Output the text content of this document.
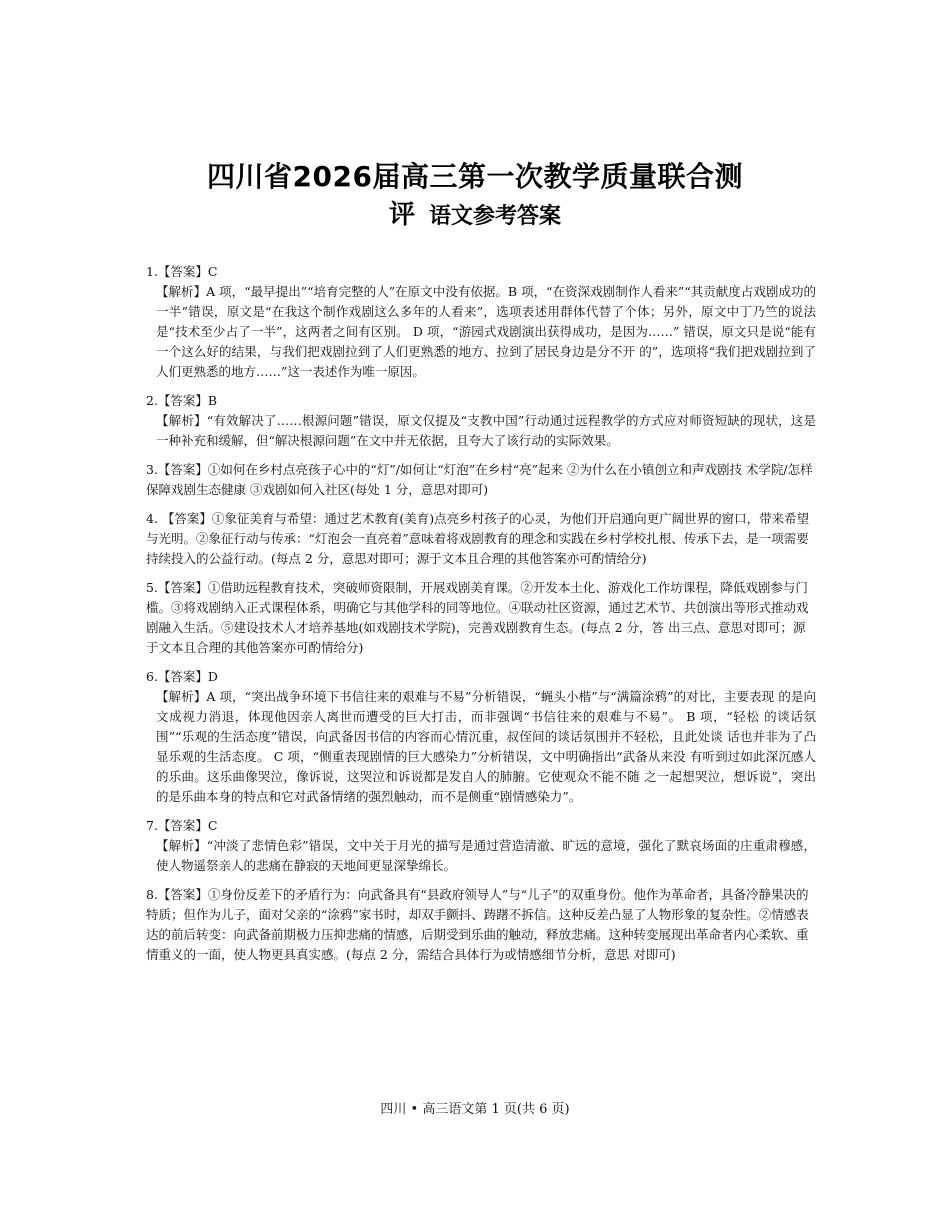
四川省2026届高三第一次教学质量联合测
评 语文参考答案
1.【答案】C
【解析】A 项，“最早提出”“培育完整的人”在原文中没有依据。B 项，“在资深戏剧制作人看来”“其贡献度占戏剧成功的一半”错误，原文是“在我这个制作戏剧这么多年的人看来”，选项表述用群体代替了个体；另外，原文中丁乃竺的说法是“技术至少占了一半”，这两者之间有区别。 D 项，“游园式戏剧演出获得成功，是因为……” 错误，原文只是说“能有一个这么好的结果，与我们把戏剧拉到了人们更熟悉的地方、拉到了居民身边是分不开 的”，选项将“我们把戏剧拉到了人们更熟悉的地方……”这一表述作为唯一原因。
2.【答案】B
【解析】“有效解决了……根源问题”错误，原文仅提及“支教中国”行动通过远程教学的方式应对师资短缺的现状，这是一种补充和缓解，但“解决根源问题”在文中并无依据，且夸大了该行动的实际效果。
3.【答案】①如何在乡村点亮孩子心中的“灯”/如何让“灯泡”在乡村“亮”起来 ②为什么在小镇创立和声戏剧技 术学院/怎样保障戏剧生态健康 ③戏剧如何入社区(每处 1 分，意思对即可)
4. 【答案】①象征美育与希望：通过艺术教育(美育)点亮乡村孩子的心灵，为他们开启通向更广阔世界的窗口，带来希望与光明。②象征行动与传承：“灯泡会一直亮着”意味着将戏剧教育的理念和实践在乡村学校扎根、传承下去，是一项需要持续投入的公益行动。(每点 2 分，意思对即可；源于文本且合理的其他答案亦可酌情给分)
5.【答案】①借助远程教育技术，突破师资限制，开展戏剧美育课。②开发本土化、游戏化工作坊课程，降低戏剧参与门槛。③将戏剧纳入正式课程体系，明确它与其他学科的同等地位。④联动社区资源，通过艺术节、共创演出等形式推动戏剧融入生活。⑤建设技术人才培养基地(如戏剧技术学院)，完善戏剧教育生态。(每点 2 分，答 出三点、意思对即可；源于文本且合理的其他答案亦可酌情给分)
6.【答案】D
【解析】A 项，“突出战争环境下书信往来的艰难与不易”分析错误，“蝇头小楷”与“满篇涂鸦”的对比，主要表现 的是向文成视力消退，体现他因亲人离世而遭受的巨大打击，而非强调“书信往来的艰难与不易”。 B 项，“轻松 的谈话氛围”“乐观的生活态度”错误，向武备因书信的内容而心情沉重，叔侄间的谈话氛围并不轻松，且此处谈 话也并非为了凸显乐观的生活态度。 C 项，“侧重表现剧情的巨大感染力”分析错误，文中明确指出“武备从来没 有听到过如此深沉感人的乐曲。这乐曲像哭泣，像诉说，这哭泣和诉说都是发自人的肺腑。它使观众不能不随 之一起想哭泣，想诉说”，突出的是乐曲本身的特点和它对武备情绪的强烈触动，而不是侧重“剧情感染力”。
7.【答案】C
【解析】“冲淡了悲情色彩”错误，文中关于月光的描写是通过营造清澈、旷远的意境，强化了默哀场面的庄重肃穆感，使人物遥祭亲人的悲痛在静寂的天地间更显深挚绵长。
8.【答案】①身份反差下的矛盾行为：向武备具有“县政府领导人”与“儿子”的双重身份。他作为革命者，具备冷静果决的特质；但作为儿子，面对父亲的“涂鸦”家书时，却双手颤抖、踌躇不拆信。这种反差凸显了人物形象的复杂性。②情感表达的前后转变：向武备前期极力压抑悲痛的情感，后期受到乐曲的触动，释放悲痛。这种转变展现出革命者内心柔软、重情重义的一面，使人物更具真实感。(每点 2 分，需结合具体行为或情感细节分析，意思 对即可)
四川 • 高三语文第 1 页(共 6 页)
